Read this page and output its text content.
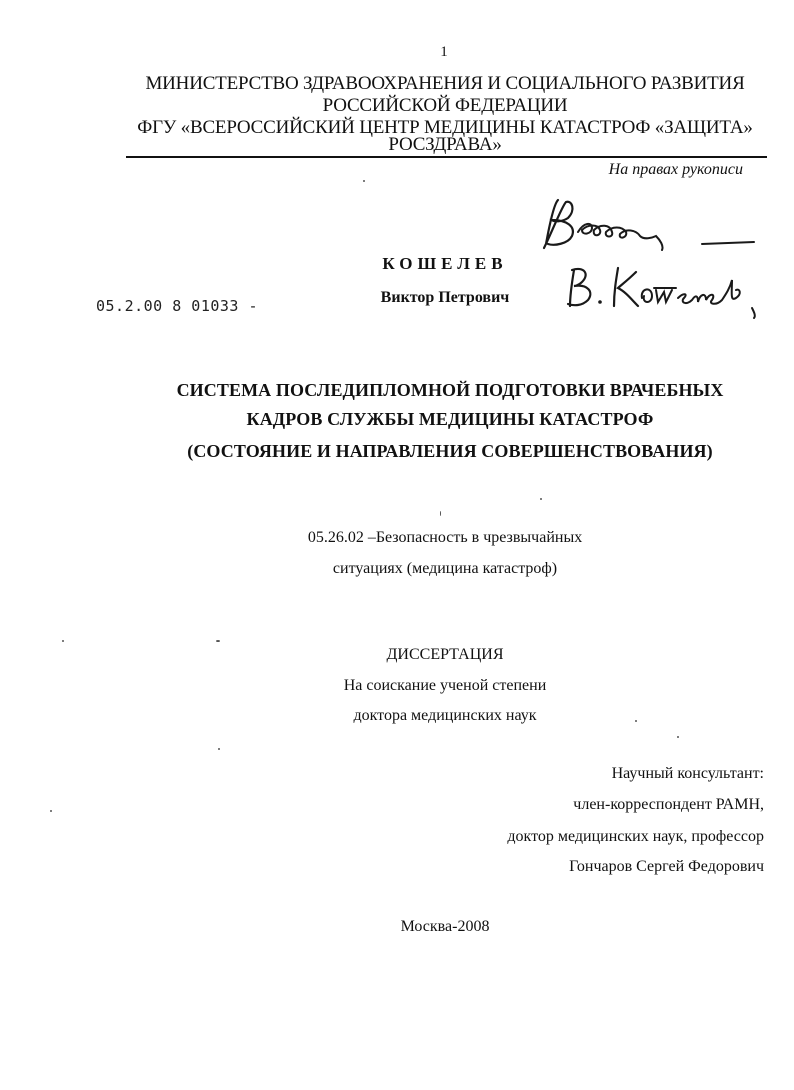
1
МИНИСТЕРСТВО ЗДРАВООХРАНЕНИЯ И СОЦИАЛЬНОГО РАЗВИТИЯ
РОССИЙСКОЙ ФЕДЕРАЦИИ
ФГУ «ВСЕРОССИЙСКИЙ ЦЕНТР МЕДИЦИНЫ КАТАСТРОФ «ЗАЩИТА»
РОСЗДРАВА»
На правах рукописи
КОШЕЛЕВ
Виктор Петрович
05.2.00 8 01033 -
СИСТЕМА ПОСЛЕДИПЛОМНОЙ ПОДГОТОВКИ ВРАЧЕБНЫХ
КАДРОВ СЛУЖБЫ МЕДИЦИНЫ КАТАСТРОФ
(СОСТОЯНИЕ И НАПРАВЛЕНИЯ СОВЕРШЕНСТВОВАНИЯ)
05.26.02 –Безопасность в чрезвычайных
ситуациях (медицина катастроф)
ДИССЕРТАЦИЯ
На соискание ученой степени
доктора медицинских наук
Научный консультант:
член-корреспондент РАМН,
доктор медицинских наук, профессор
Гончаров Сергей Федорович
Москва-2008
